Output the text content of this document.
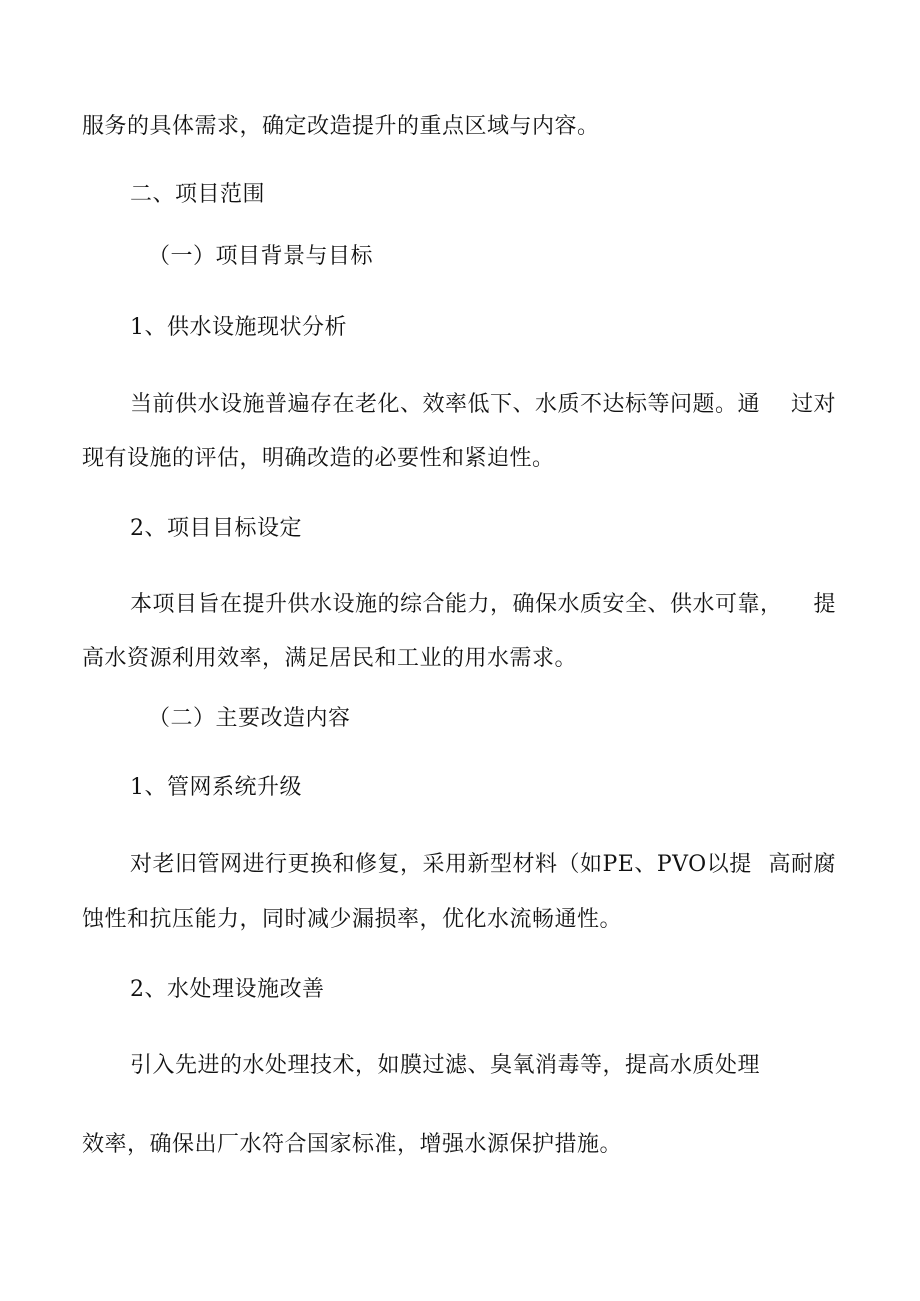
服务的具体需求，确定改造提升的重点区域与内容。
二、项目范围
（一）项目背景与目标
1、供水设施现状分析
当前供水设施普遍存在老化、效率低下、水质不达标等问题。通 过对
现有设施的评估，明确改造的必要性和紧迫性。
2、项目目标设定
本项目旨在提升供水设施的综合能力，确保水质安全、供水可靠， 提
高水资源利用效率，满足居民和工业的用水需求。
（二）主要改造内容
1、管网系统升级
对老旧管网进行更换和修复，采用新型材料（如PE、PVO以提 高耐腐
蚀性和抗压能力，同时减少漏损率，优化水流畅通性。
2、水处理设施改善
引入先进的水处理技术，如膜过滤、臭氧消毒等，提高水质处理
效率，确保出厂水符合国家标准，增强水源保护措施。
